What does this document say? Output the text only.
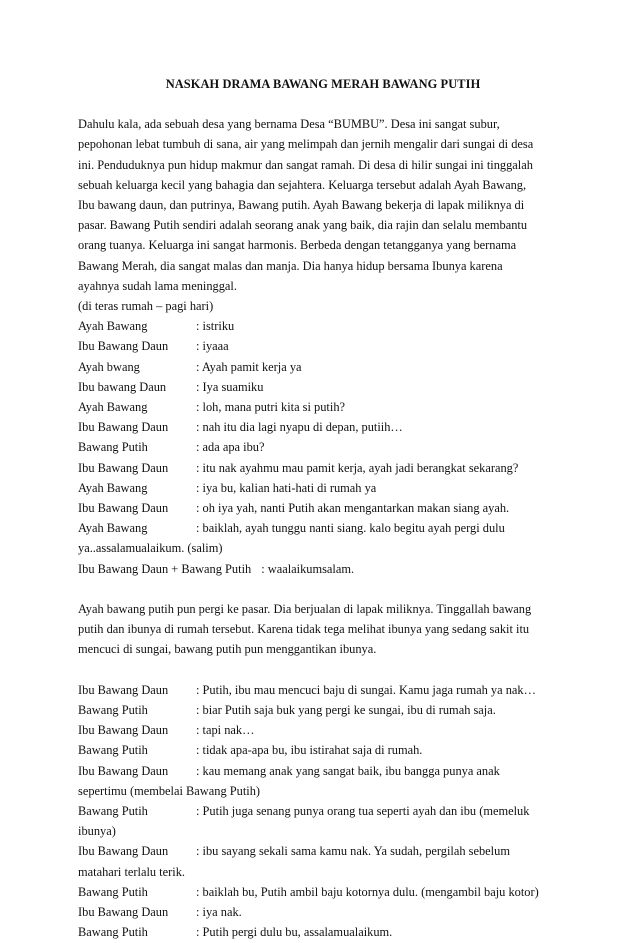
NASKAH DRAMA BAWANG MERAH BAWANG PUTIH

Dahulu kala, ada sebuah desa yang bernama Desa “BUMBU”. Desa ini sangat subur,
pepohonan lebat tumbuh di sana, air yang melimpah dan jernih mengalir dari sungai di desa
ini. Penduduknya pun hidup makmur dan sangat ramah. Di desa di hilir sungai ini tinggalah
sebuah keluarga kecil yang bahagia dan sejahtera. Keluarga tersebut adalah Ayah Bawang,
Ibu bawang daun, dan putrinya, Bawang putih. Ayah Bawang bekerja di lapak miliknya di
pasar. Bawang Putih sendiri adalah seorang anak yang baik, dia rajin dan selalu membantu
orang tuanya. Keluarga ini sangat harmonis. Berbeda dengan tetangganya yang bernama
Bawang Merah, dia sangat malas dan manja. Dia hanya hidup bersama Ibunya karena
ayahnya sudah lama meninggal.
(di teras rumah – pagi hari)

Ayah Bawang	: istriku
Ibu Bawang Daun : iyaaa
Ayah bwang	: Ayah pamit kerja ya
Ibu bawang Daun : Iya suamiku
Ayah Bawang	: loh, mana putri kita si putih?
Ibu Bawang Daun : nah itu dia lagi nyapu di depan, putiih…
Bawang Putih	: ada apa ibu?
Ibu Bawang Daun : itu nak ayahmu mau pamit kerja, ayah jadi berangkat sekarang?
Ayah Bawang	: iya bu, kalian hati-hati di rumah ya
Ibu Bawang Daun : oh iya yah, nanti Putih akan mengantarkan makan siang ayah.
Ayah Bawang	: baiklah, ayah tunggu nanti siang. kalo begitu ayah pergi dulu
ya..assalamualaikum. (salim)
Ibu Bawang Daun + Bawang Putih : waalaikumsalam.

Ayah bawang putih pun pergi ke pasar. Dia berjualan di lapak miliknya. Tinggallah bawang
putih dan ibunya di rumah tersebut. Karena tidak tega melihat ibunya yang sedang sakit itu
mencuci di sungai, bawang putih pun menggantikan ibunya.

Ibu Bawang Daun : Putih, ibu mau mencuci baju di sungai. Kamu jaga rumah ya nak…
Bawang Putih	: biar Putih saja buk yang pergi ke sungai, ibu di rumah saja.
Ibu Bawang Daun : tapi nak…
Bawang Putih	: tidak apa-apa bu, ibu istirahat saja di rumah.
Ibu Bawang Daun : kau memang anak yang sangat baik, ibu bangga punya anak
sepertimu (membelai Bawang Putih)
Bawang Putih	: Putih juga senang punya orang tua seperti ayah dan ibu (memeluk
ibunya)
Ibu Bawang Daun : ibu sayang sekali sama kamu nak. Ya sudah, pergilah sebelum
matahari terlalu terik.
Bawang Putih	: baiklah bu, Putih ambil baju kotornya dulu. (mengambil baju kotor)
Ibu Bawang Daun : iya nak.
Bawang Putih	: Putih pergi dulu bu, assalamualaikum.
